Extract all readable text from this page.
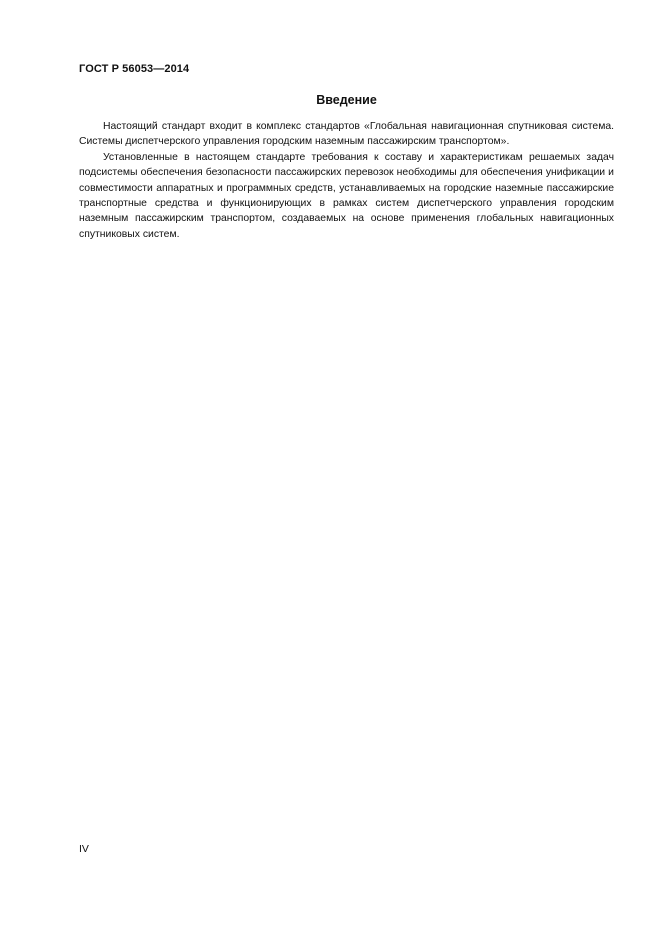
ГОСТ Р 56053—2014
Введение

Настоящий стандарт входит в комплекс стандартов «Глобальная навигационная спутниковая система. Системы диспетчерского управления городским наземным пассажирским транспортом».

Установленные в настоящем стандарте требования к составу и характеристикам решаемых задач подсистемы обеспечения безопасности пассажирских перевозок необходимы для обеспечения унификации и совместимости аппаратных и программных средств, устанавливаемых на городские наземные пассажирские транспортные средства и функционирующих в рамках систем диспетчерского управления городским наземным пассажирским транспортом, создаваемых на основе применения глобальных навигационных спутниковых систем.

IV
